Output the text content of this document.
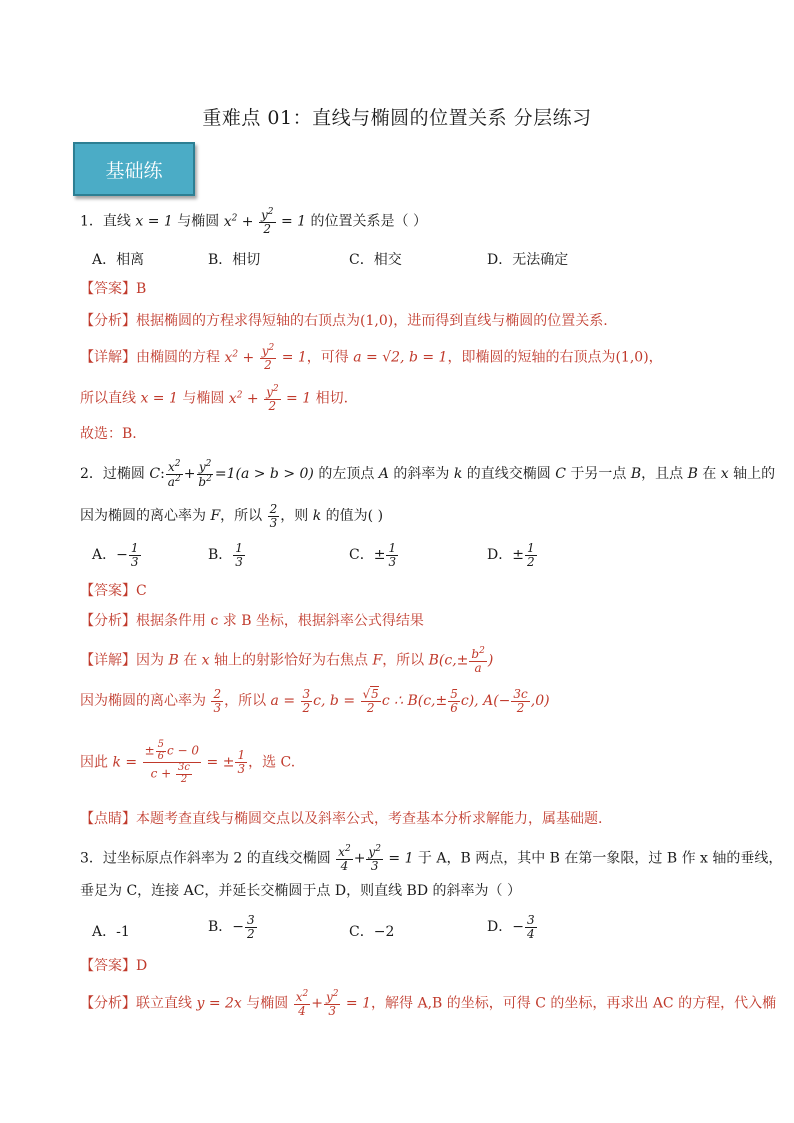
重难点 01：直线与椭圆的位置关系 分层练习
基础练
1．直线 x = 1 与椭圆 $x^2 + \frac{y^2}{2} = 1$ 的位置关系是（ ）
A．相离	B．相切	C．相交	D．无法确定
【答案】B
【分析】根据椭圆的方程求得短轴的右顶点为(1,0)，进而得到直线与椭圆的位置关系.
【详解】由椭圆的方程 $x^2 + \frac{y^2}{2} = 1$，可得 a = √2, b = 1，即椭圆的短轴的右顶点为(1,0)，
所以直线 x = 1 与椭圆 $x^2 + \frac{y^2}{2} = 1$ 相切.
故选：B.
2．过椭圆 C: $\frac{x^2}{a^2} + \frac{y^2}{b^2} =1(a > b > 0)$ 的左顶点 A 的斜率为 k 的直线交椭圆 C 于另一点 B，且点 B 在 x 轴上的
因为椭圆的离心率为 F，所以 $\frac{2}{3}$ ，则 k 的值为( )
A．− $\frac{1}{3}$	B． $\frac{1}{3}$	C．± $\frac{1}{3}$	D．± $\frac{1}{2}$
【答案】C
【分析】根据条件用 c 求 B 坐标，根据斜率公式得结果
【详解】因为 B 在 x 轴上的射影恰好为右焦点 F，所以 $B(c,\pm \frac{b^2}{a}$ )
因为椭圆的离心率为 $\frac{2}{3}$ ，所以 $a = \frac{3}{2} c$, $b = \frac{√5}{2}$ c ∴ $B(c,\pm \frac{5}{6} c)$, $A(- \frac{3c}{2} ,0)$
因此 $k = \frac{\pm \frac{5}{6} c - 0}{c + \frac{3c}{2}}$ = ± $\frac{1}{3}$ ，选 C.
【点睛】本题考查直线与椭圆交点以及斜率公式，考查基本分析求解能力，属基础题.
3．过坐标原点作斜率为 2 的直线交椭圆 $\frac{x^2}{4} + \frac{y^2}{3} = 1$ 于 A，B 两点，其中 B 在第一象限，过 B 作 x 轴的垂线，
垂足为 C，连接 AC，并延长交椭圆于点 D，则直线 BD 的斜率为（ ）
A．-1	B．− $\frac{3}{2}$	C．−2	D．− $\frac{3}{4}$
【答案】D
【分析】联立直线 y = 2x 与椭圆 $\frac{x^2}{4} + \frac{y^2}{3} = 1$，解得 A,B 的坐标，可得 C 的坐标，再求出 AC 的方程，代入椭
